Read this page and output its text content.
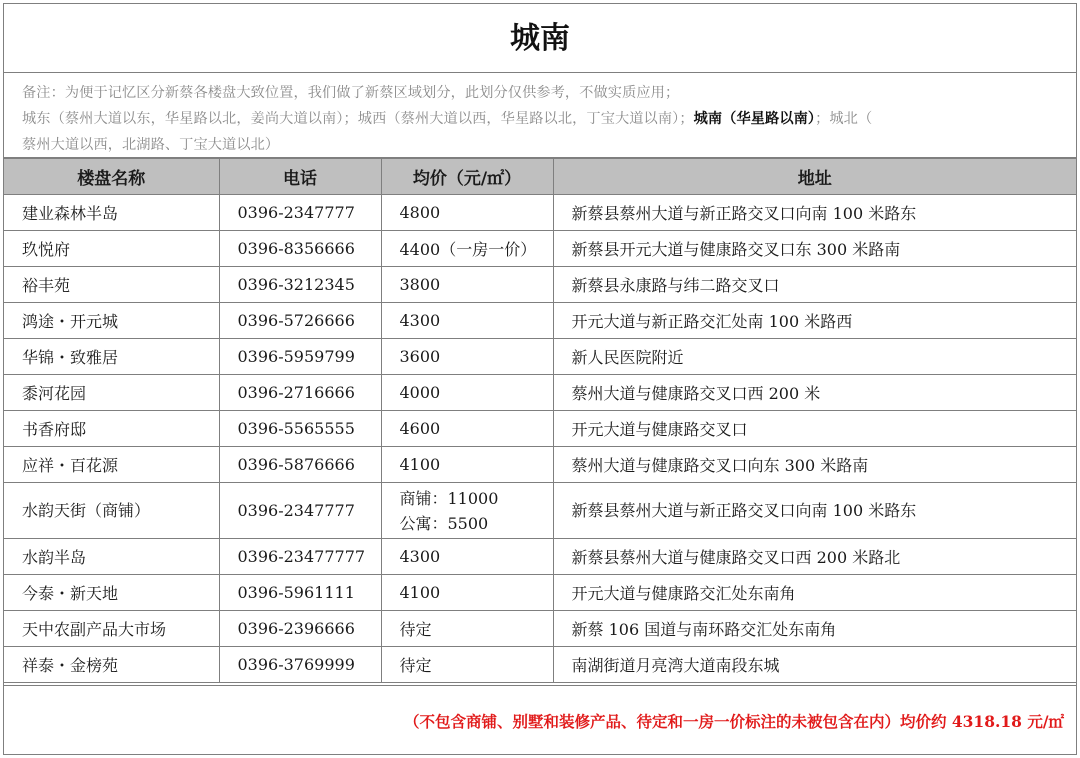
城南
备注：为便于记忆区分新蔡各楼盘大致位置，我们做了新蔡区域划分，此划分仅供参考，不做实质应用；
城东（蔡州大道以东，华星路以北，姜尚大道以南）；城西（蔡州大道以西，华星路以北，丁宝大道以南）；城南（华星路以南）；城北（
蔡州大道以西，北湖路、丁宝大道以北）
楼盘名称	电话	均价（元/㎡）	地址
建业森林半岛	0396-2347777	4800	新蔡县蔡州大道与新正路交叉口向南 100 米路东
玖悦府	0396-8356666	4400（一房一价）	新蔡县开元大道与健康路交叉口东 300 米路南
裕丰苑	0396-3212345	3800	新蔡县永康路与纬二路交叉口
鸿途・开元城	0396-5726666	4300	开元大道与新正路交汇处南 100 米路西
华锦・致雅居	0396-5959799	3600	新人民医院附近
黍河花园	0396-2716666	4000	蔡州大道与健康路交叉口西 200 米
书香府邸	0396-5565555	4600	开元大道与健康路交叉口
应祥・百花源	0396-5876666	4100	蔡州大道与健康路交叉口向东 300 米路南
水韵天街（商铺）	0396-2347777	商铺：11000
公寓：5500	新蔡县蔡州大道与新正路交叉口向南 100 米路东
水韵半岛	0396-23477777	4300	新蔡县蔡州大道与健康路交叉口西 200 米路北
今泰・新天地	0396-5961111	4100	开元大道与健康路交汇处东南角
天中农副产品大市场	0396-2396666	待定	新蔡 106 国道与南环路交汇处东南角
祥泰・金榜苑	0396-3769999	待定	南湖街道月亮湾大道南段东城
（不包含商铺、别墅和装修产品、待定和一房一价标注的未被包含在内）均价约 4318.18 元/㎡
